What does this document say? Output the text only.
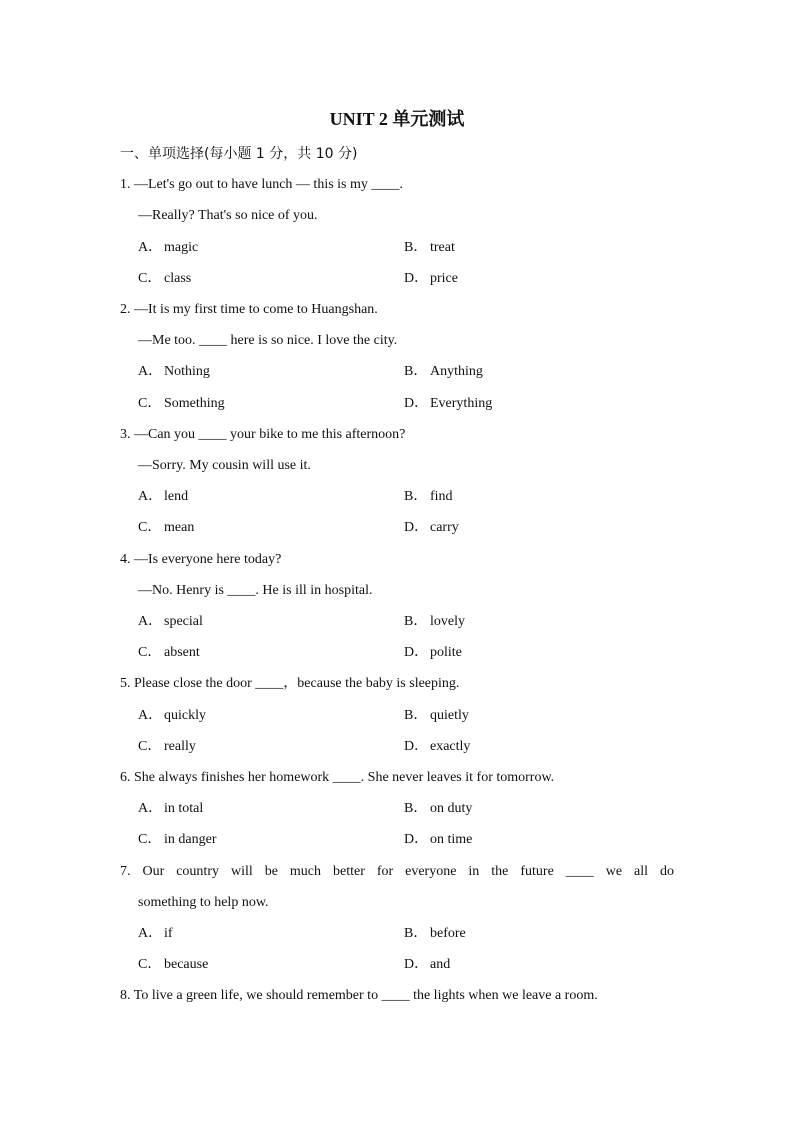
UNIT 2 单元测试
一、单项选择(每小题 1 分，共 10 分)
1. —Let's go out to have lunch — this is my ____.
—Really? That's so nice of you.
A． magic	B． treat
C． class	D． price
2. —It is my first time to come to Huangshan.
—Me too. ____ here is so nice. I love the city.
A． Nothing	B． Anything
C． Something	D． Everything
3. —Can you ____ your bike to me this afternoon?
—Sorry. My cousin will use it.
A． lend	B． find
C． mean	D． carry
4. —Is everyone here today?
—No. Henry is ____. He is ill in hospital.
A． special	B． lovely
C． absent	D． polite
5. Please close the door ____，because the baby is sleeping.
A． quickly	B． quietly
C． really	D． exactly
6. She always finishes her homework ____. She never leaves it for tomorrow.
A． in total	B． on duty
C． in danger	D． on time
7. Our country will be much better for everyone in the future ____ we all do
something to help now.
A． if	B． before
C． because	D． and
8. To live a green life, we should remember to ____ the lights when we leave a room.
